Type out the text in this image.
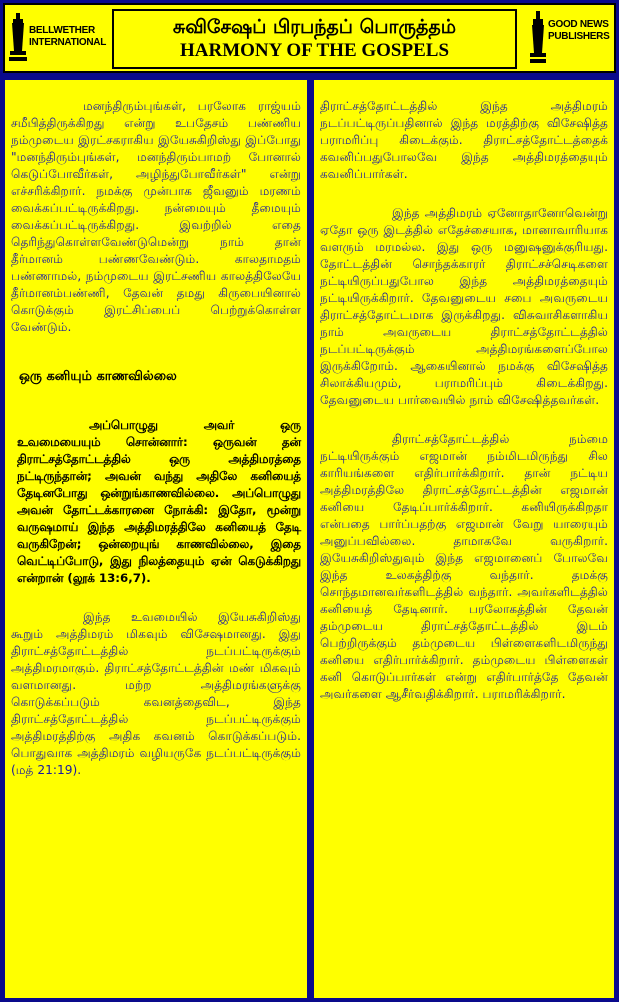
BELLWETHER
INTERNATIONAL
சுவிசேஷப் பிரபந்தப் பொருத்தம்
HARMONY OF THE GOSPELS
GOOD NEWS
PUBLISHERS

மனந்திரும்புங்கள், பரலோக ராஜ்யம் சமீபித்திருக்கிறது என்று உபதேசம் பண்ணிய நம்முடைய இரட்சகராகிய இயேசுகிறிஸ்து இப்போது "மனந்திரும்புங்கள், மனந்திரும்பாமற் போனால் கெடுப்போவீர்கள், அழிந்துபோவீர்கள்" என்று எச்சரிக்கிறார். நமக்கு முன்பாக ஜீவனும் மரணம் வைக்கப்பட்டிருக்கிறது. நன்மையும் தீமையும் வைக்கப்பட்டிருக்கிறது. இவற்றில் எதை தெரிந்துகொள்ளவேண்டுமென்று நாம் தான் தீர்மானம் பண்ணவேண்டும். காலதாமதம் பண்ணாமல், நம்முடைய இரட்சணிய காலத்திலேயே தீர்மானம்பண்ணி, தேவன் தமது கிருபையினால் கொடுக்கும் இரட்சிப்பைப் பெற்றுக்கொள்ள வேண்டும்.

ஒரு கனியும் காணவில்லை

அப்பொழுது அவர் ஒரு உவமையையும் சொன்னார்: ஒருவன் தன் திராட்சத்தோட்டத்தில் ஒரு அத்திமரத்தை நட்டிருந்தான்; அவன் வந்து அதிலே கனியைத் தேடினபோது ஒன்றுங்காணவில்லை. அப்பொழுது அவன் தோட்டக்காரனை நோக்கி: இதோ, மூன்று வருஷமாய் இந்த அத்திமரத்திலே கனியைத் தேடி வருகிறேன்; ஒன்றையுங் காணவில்லை, இதை வெட்டிப்போடு, இது நிலத்தையும் ஏன் கெடுக்கிறது என்றான் (லூக் 13:6,7).

இந்த உவமையில் இயேசுகிறிஸ்து கூறும் அத்திமரம் மிகவும் விசேஷமானது. இது திராட்சத்தோட்டத்தில் நடப்பட்டிருக்கும் அத்திமரமாகும். திராட்சத்தோட்டத்தின் மண் மிகவும் வளமானது. மற்ற அத்திமரங்களுக்கு கொடுக்கப்படும் கவனத்தைவிட, இந்த திராட்சத்தோட்டத்தில் நடப்பட்டிருக்கும் அத்திமரத்திற்கு அதிக கவனம் கொடுக்கப்படும். பொதுவாக அத்திமரம் வழியருகே நடப்பட்டிருக்கும் (மத் 21:19).

திராட்சத்தோட்டத்தில் இந்த அத்திமரம் நடப்பட்டிருப்பதினால் இந்த மரத்திற்கு விசேஷித்த பராமரிப்பு கிடைக்கும். திராட்சத்தோட்டத்தைக் கவனிப்பதுபோலவே இந்த அத்திமரத்தையும் கவனிப்பார்கள்.

இந்த அத்திமரம் ஏனோதானோவென்று ஏதோ ஒரு இடத்தில் எதேச்சையாக, மானாவாரியாக வளரும் மரமல்ல. இது ஒரு மனுஷனுக்குரியது. தோட்டத்தின் சொந்தக்காரர் திராட்சச்செடிகளை நட்டியிருப்பதுபோல இந்த அத்திமரத்தையும் நட்டியிருக்கிறார். தேவனுடைய சபை அவருடைய திராட்சத்தோட்டமாக இருக்கிறது. விசுவாசிகளாகிய நாம் அவருடைய திராட்சத்தோட்டத்தில் நடப்பட்டிருக்கும் அத்திமரங்களைப்போல இருக்கிறோம். ஆகையினால் நமக்கு விசேஷித்த சிலாக்கியமும், பராமரிப்பும் கிடைக்கிறது. தேவனுடைய பார்வையில் நாம் விசேஷித்தவர்கள்.

திராட்சத்தோட்டத்தில் நம்மை நட்டியிருக்கும் எஜமான் நம்மிடமிருந்து சில காரியங்களை எதிர்பார்க்கிறார். தான் நட்டிய அத்திமரத்திலே திராட்சத்தோட்டத்தின் எஜமான் கனியை தேடிப்பார்க்கிறார். கனியிருக்கிறதா என்பதை பார்ப்பதற்கு எஜமான் வேறு யாரையும் அனுப்பவில்லை. தாமாகவே வருகிறார். இயேசுகிறிஸ்துவும் இந்த எஜமானைப் போலவே இந்த உலகத்திற்கு வந்தார். தமக்கு சொந்தமானவர்களிடத்தில் வந்தார். அவர்களிடத்தில் கனியைத் தேடினார். பரலோகத்தின் தேவன் தம்முடைய திராட்சத்தோட்டத்தில் இடம் பெற்றிருக்கும் தம்முடைய பிள்ளைகளிடமிருந்து கனியை எதிர்பார்க்கிறார். தம்முடைய பிள்ளைகள் கனி கொடுப்பார்கள் என்று எதிர்பார்த்தே தேவன் அவர்களை ஆசீர்வதிக்கிறார். பராமரிக்கிறார்.
